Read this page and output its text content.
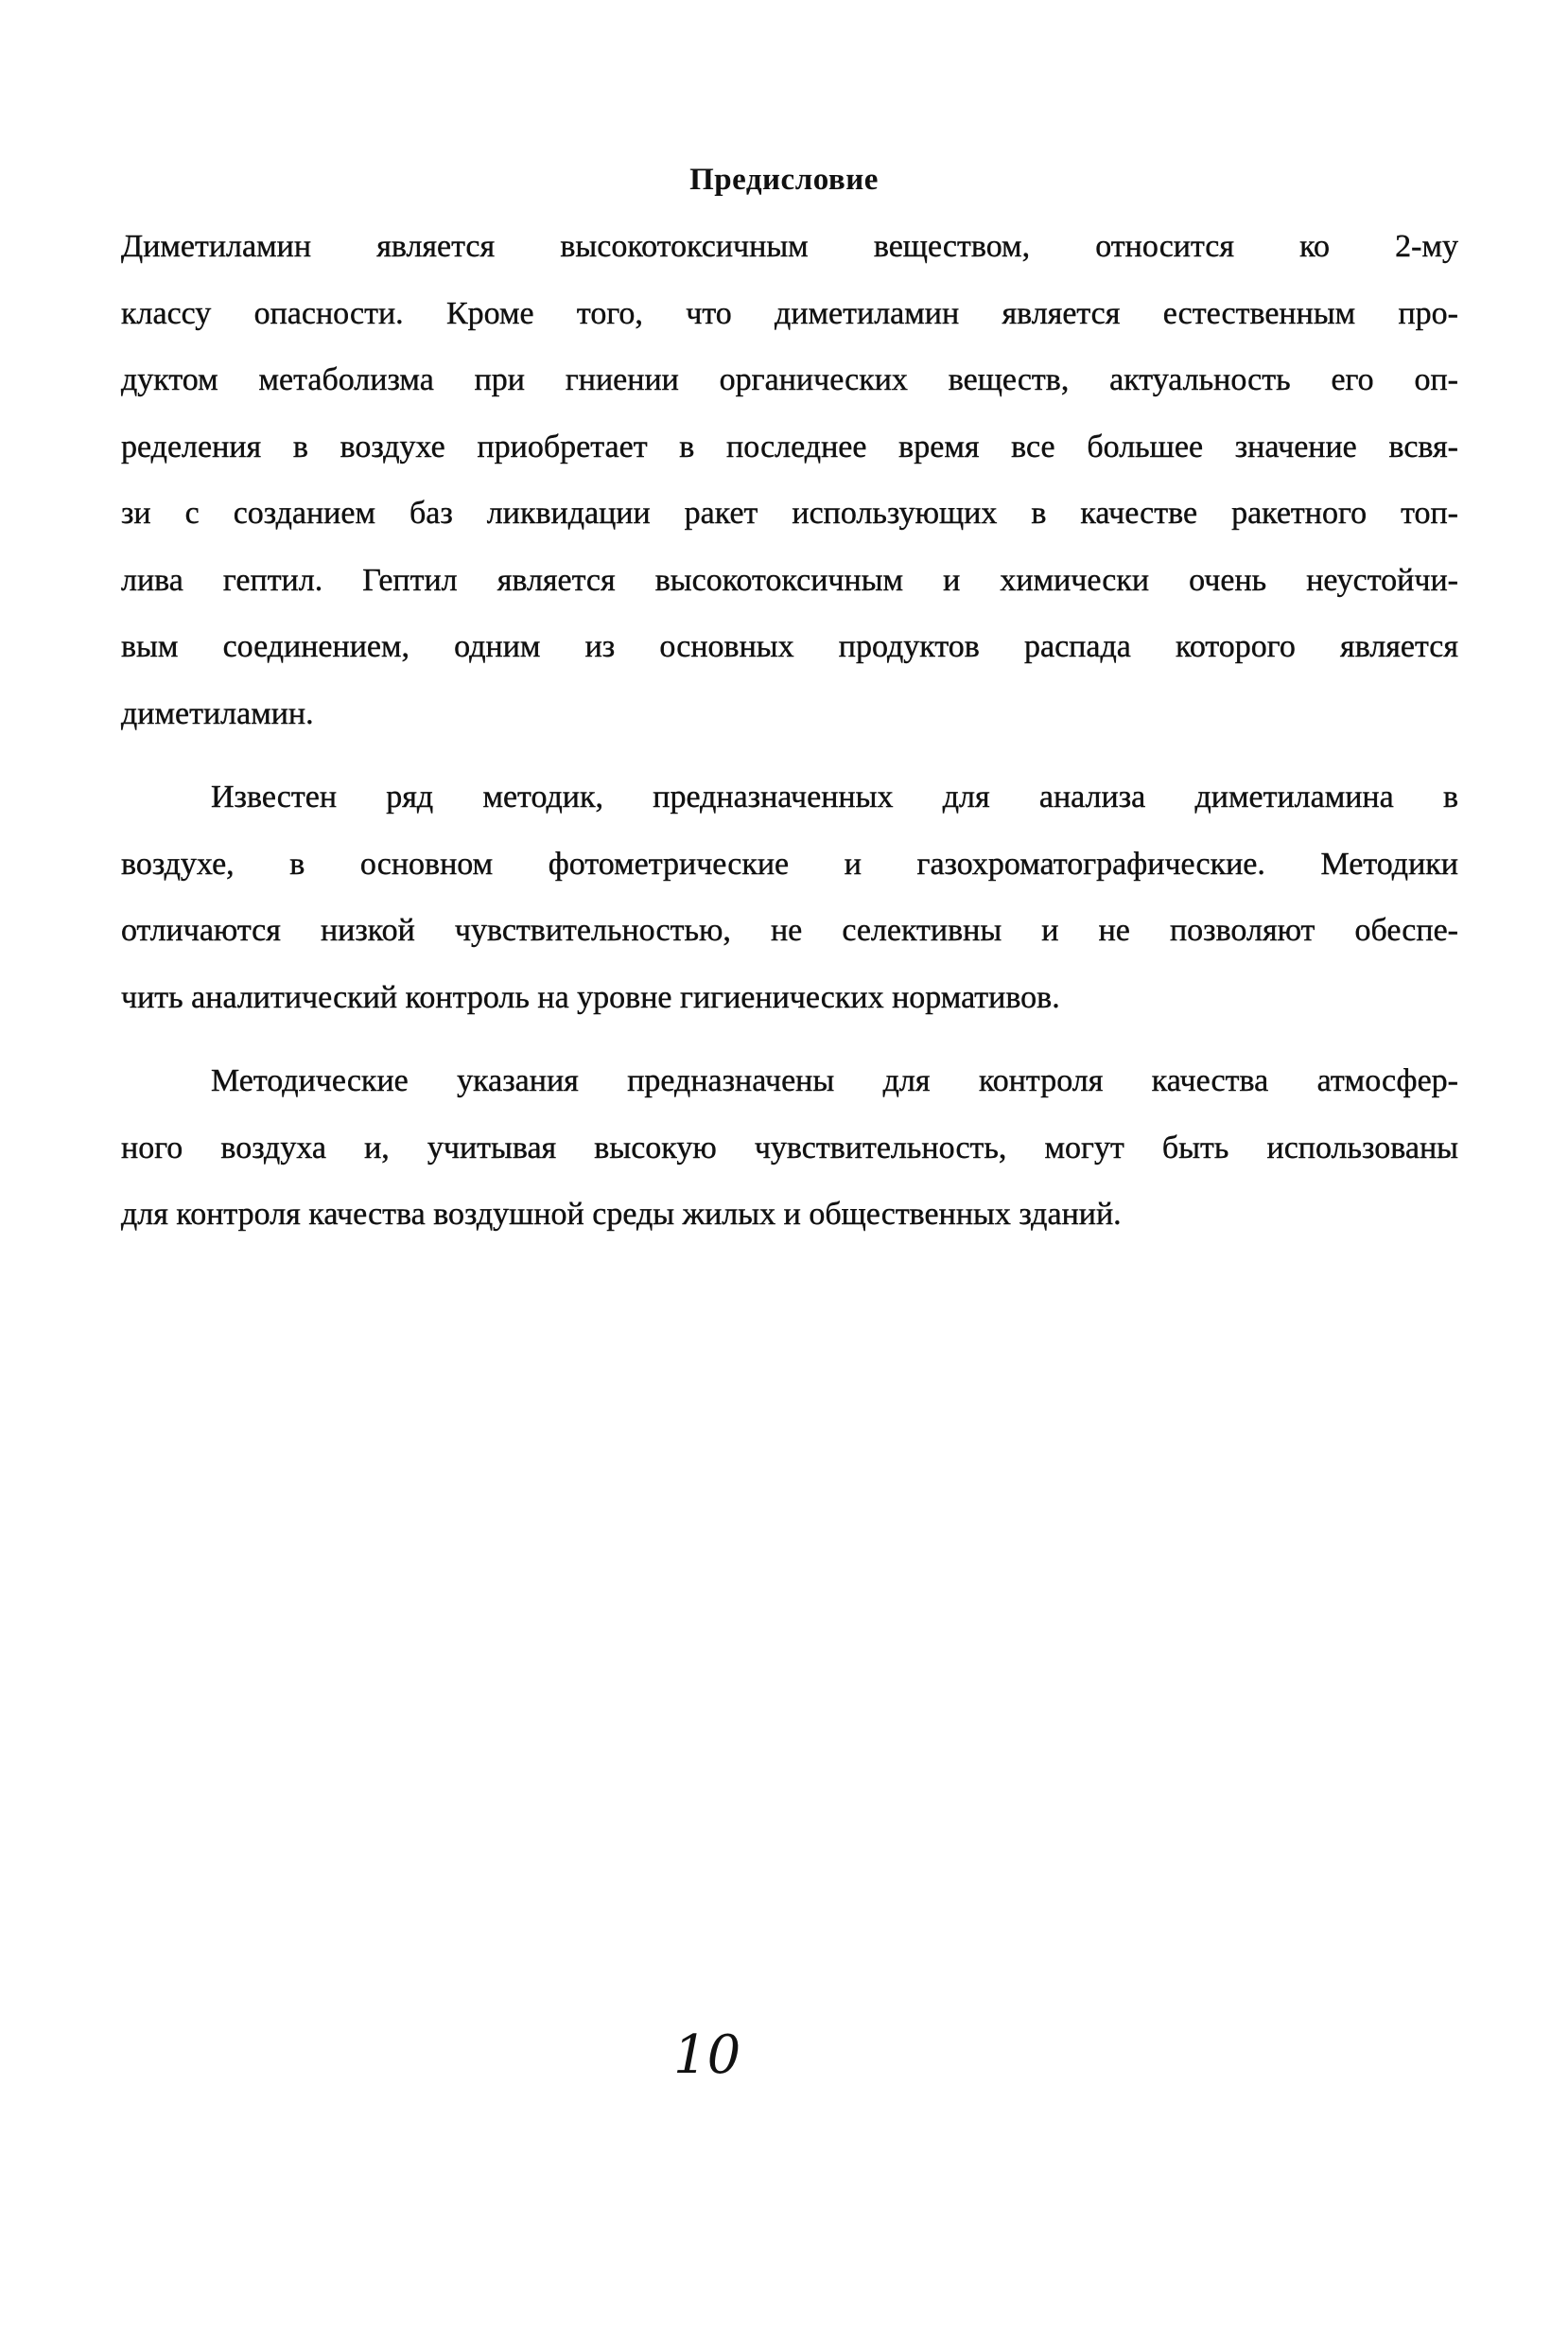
Предисловие
Диметиламин является высокотоксичным веществом, относится ко 2-му
классу опасности. Кроме того, что диметиламин является естественным про-
дуктом метаболизма при гниении органических веществ, актуальность его оп-
ределения в воздухе приобретает в последнее время все большее значение всвя-
зи с созданием баз ликвидации ракет использующих в качестве ракетного топ-
лива гептил. Гептил является высокотоксичным и химически очень неустойчи-
вым соединением, одним из основных продуктов распада которого является
диметиламин.
Известен ряд методик, предназначенных для анализа диметиламина в
воздухе, в основном фотометрические и газохроматографические. Методики
отличаются низкой чувствительностью, не селективны и не позволяют обеспе-
чить аналитический контроль на уровне гигиенических нормативов.
Методические указания предназначены для контроля качества атмосфер-
ного воздуха и, учитывая высокую чувствительность, могут быть использованы
для контроля качества воздушной среды жилых и общественных зданий.
10
